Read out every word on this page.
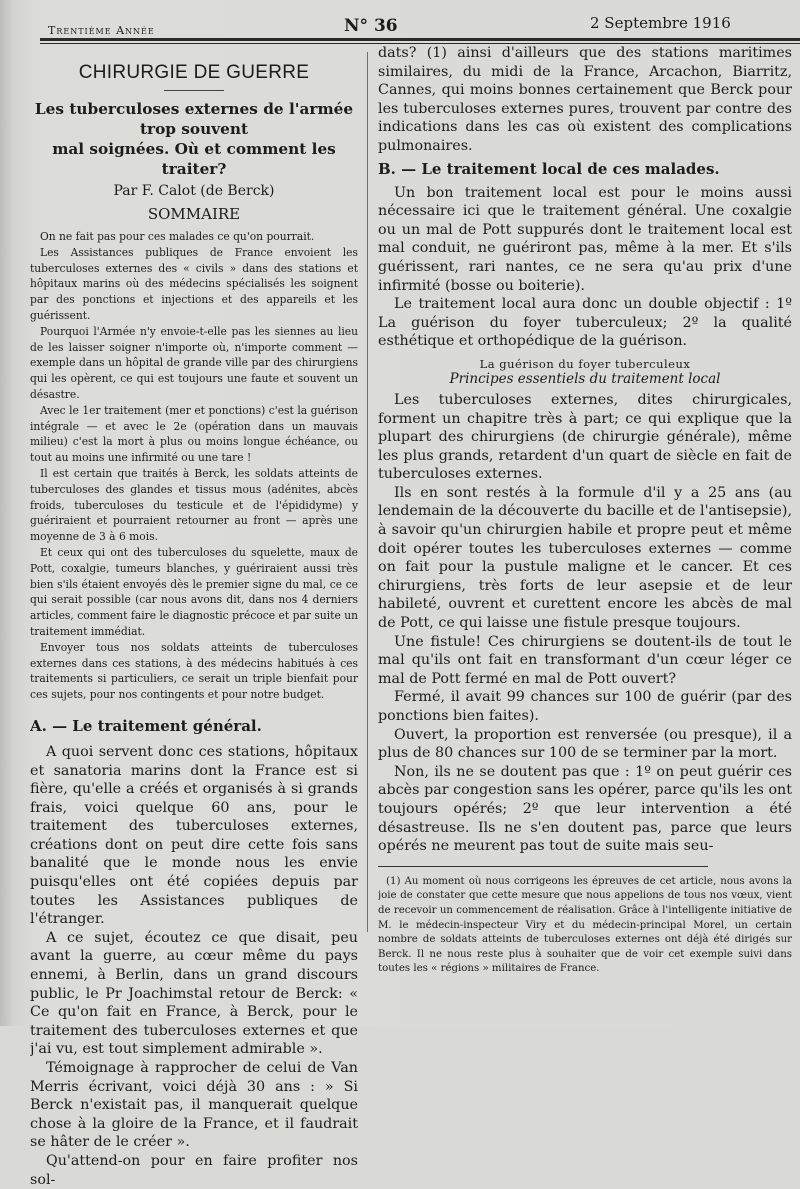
Trentième Année	N° 36	2 Septembre 1916
CHIRURGIE DE GUERRE

Les tuberculoses externes de l'armée trop souvent

mal soignées. Où et comment les traiter?

Par F. Calot (de Berck)
SOMMAIRE

On ne fait pas pour ces malades ce qu'on pourrait.

Les Assistances publiques de France envoient les tuberculoses externes des « civils » dans des stations et hôpitaux marins où des médecins spécialisés les soignent par des ponctions et injections et des appareils et les guérissent.

Pourquoi l'Armée n'y envoie-t-elle pas les siennes au lieu de les laisser soigner n'importe où, n'importe comment — exemple dans un hôpital de grande ville par des chirurgiens qui les opèrent, ce qui est toujours une faute et souvent un désastre.

Avec le 1er traitement (mer et ponctions) c'est la guérison intégrale — et avec le 2e (opération dans un mauvais milieu) c'est la mort à plus ou moins longue échéance, ou tout au moins une infirmité ou une tare !

Il est certain que traités à Berck, les soldats atteints de tuberculoses des glandes et tissus mous (adénites, abcès froids, tuberculoses du testicule et de l'épididyme) y guériraient et pourraient retourner au front — après une moyenne de 3 à 6 mois.

Et ceux qui ont des tuberculoses du squelette, maux de Pott, coxalgie, tumeurs blanches, y guériraient aussi très bien s'ils étaient envoyés dès le premier signe du mal, ce ce qui serait possible (car nous avons dit, dans nos 4 derniers articles, comment faire le diagnostic précoce et par suite un traitement immédiat.

Envoyer tous nos soldats atteints de tuberculoses externes dans ces stations, à des médecins habitués à ces traitements si particuliers, ce serait un triple bienfait pour ces sujets, pour nos contingents et pour notre budget.

A. — Le traitement général.

A quoi servent donc ces stations, hôpitaux et sanatoria marins dont la France est si fière, qu'elle a créés et organisés à si grands frais, voici quelque 60 ans, pour le traitement des tuberculoses externes, créations dont on peut dire cette fois sans banalité que le monde nous les envie puisqu'elles ont été copiées depuis par toutes les Assistances publiques de l'étranger.

A ce sujet, écoutez ce que disait, peu avant la guerre, au cœur même du pays ennemi, à Berlin, dans un grand discours public, le Pr Joachimstal retour de Berck: « Ce qu'on fait en France, à Berck, pour le traitement des tuberculoses externes et que j'ai vu, est tout simplement admirable ».

Témoignage à rapprocher de celui de Van Merris écrivant, voici déjà 30 ans : » Si Berck n'existait pas, il manquerait quelque chose à la gloire de la France, et il faudrait se hâter de le créer ».

Qu'attend-on pour en faire profiter nos sol-

dats? (1) ainsi d'ailleurs que des stations maritimes similaires, du midi de la France, Arcachon, Biarritz, Cannes, qui moins bonnes certainement que Berck pour les tuberculoses externes pures, trouvent par contre des indications dans les cas où existent des complications pulmonaires.

B. — Le traitement local de ces malades.

Un bon traitement local est pour le moins aussi nécessaire ici que le traitement général. Une coxalgie ou un mal de Pott suppurés dont le traitement local est mal conduit, ne guériront pas, même à la mer. Et s'ils guérissent, rari nantes, ce ne sera qu'au prix d'une infirmité (bosse ou boiterie).

Le traitement local aura donc un double objectif : 1º La guérison du foyer tuberculeux; 2º la qualité esthétique et orthopédique de la guérison.

La guérison du foyer tuberculeux
Principes essentiels du traitement local

Les tuberculoses externes, dites chirurgicales, forment un chapitre très à part; ce qui explique que la plupart des chirurgiens (de chirurgie générale), même les plus grands, retardent d'un quart de siècle en fait de tuberculoses externes.

Ils en sont restés à la formule d'il y a 25 ans (au lendemain de la découverte du bacille et de l'antisepsie), à savoir qu'un chirurgien habile et propre peut et même doit opérer toutes les tuberculoses externes — comme on fait pour la pustule maligne et le cancer. Et ces chirurgiens, très forts de leur asepsie et de leur habileté, ouvrent et curettent encore les abcès de mal de Pott, ce qui laisse une fistule presque toujours.

Une fistule! Ces chirurgiens se doutent-ils de tout le mal qu'ils ont fait en transformant d'un cœur léger ce mal de Pott fermé en mal de Pott ouvert?

Fermé, il avait 99 chances sur 100 de guérir (par des ponctions bien faites).

Ouvert, la proportion est renversée (ou presque), il a plus de 80 chances sur 100 de se terminer par la mort.

Non, ils ne se doutent pas que : 1º on peut guérir ces abcès par congestion sans les opérer, parce qu'ils les ont toujours opérés; 2º que leur intervention a été désastreuse. Ils ne s'en doutent pas, parce que leurs opérés ne meurent pas tout de suite mais seu-

(1) Au moment où nous corrigeons les épreuves de cet article, nous avons la joie de constater que cette mesure que nous appelions de tous nos vœux, vient de recevoir un commencement de réalisation. Grâce à l'intelligente initiative de M. le médecin-inspecteur Viry et du médecin-principal Morel, un certain nombre de soldats atteints de tuberculoses externes ont déjà été dirigés sur Berck. Il ne nous reste plus à souhaiter que de voir cet exemple suivi dans toutes les « régions » militaires de France.
